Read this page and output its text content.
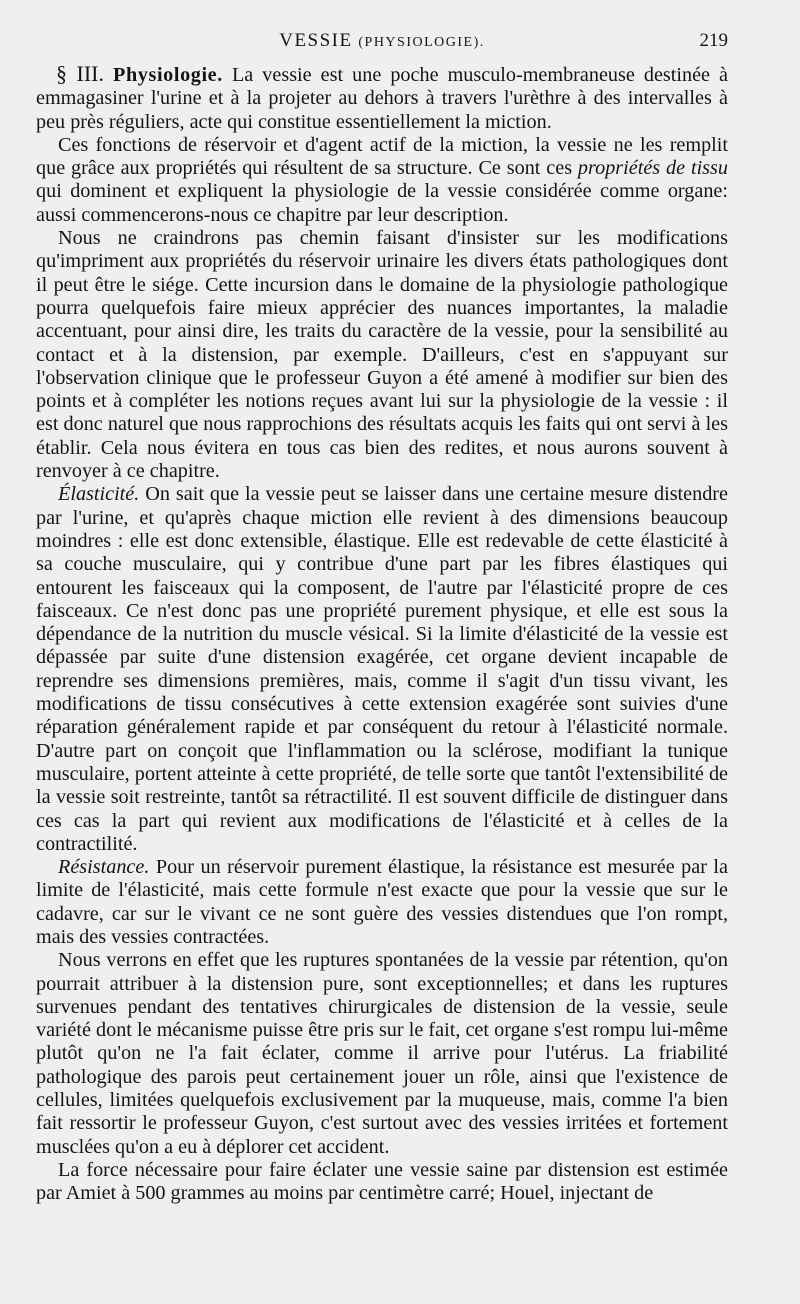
VESSIE (PHYSIOLOGIE).	219

§ III. Physiologie. La vessie est une poche musculo-membraneuse destinée à emmagasiner l'urine et à la projeter au dehors à travers l'urèthre à des intervalles à peu près réguliers, acte qui constitue essentiellement la miction.

Ces fonctions de réservoir et d'agent actif de la miction, la vessie ne les remplit que grâce aux propriétés qui résultent de sa structure. Ce sont ces propriétés de tissu qui dominent et expliquent la physiologie de la vessie considérée comme organe: aussi commencerons-nous ce chapitre par leur description.

Nous ne craindrons pas chemin faisant d'insister sur les modifications qu'impriment aux propriétés du réservoir urinaire les divers états pathologiques dont il peut être le siége. Cette incursion dans le domaine de la physiologie pathologique pourra quelquefois faire mieux apprécier des nuances importantes, la maladie accentuant, pour ainsi dire, les traits du caractère de la vessie, pour la sensibilité au contact et à la distension, par exemple. D'ailleurs, c'est en s'appuyant sur l'observation clinique que le professeur Guyon a été amené à modifier sur bien des points et à compléter les notions reçues avant lui sur la physiologie de la vessie : il est donc naturel que nous rapprochions des résultats acquis les faits qui ont servi à les établir. Cela nous évitera en tous cas bien des redites, et nous aurons souvent à renvoyer à ce chapitre.

Élasticité. On sait que la vessie peut se laisser dans une certaine mesure distendre par l'urine, et qu'après chaque miction elle revient à des dimensions beaucoup moindres : elle est donc extensible, élastique. Elle est redevable de cette élasticité à sa couche musculaire, qui y contribue d'une part par les fibres élastiques qui entourent les faisceaux qui la composent, de l'autre par l'élasticité propre de ces faisceaux. Ce n'est donc pas une propriété purement physique, et elle est sous la dépendance de la nutrition du muscle vésical. Si la limite d'élasticité de la vessie est dépassée par suite d'une distension exagérée, cet organe devient incapable de reprendre ses dimensions premières, mais, comme il s'agit d'un tissu vivant, les modifications de tissu consécutives à cette extension exagérée sont suivies d'une réparation généralement rapide et par conséquent du retour à l'élasticité normale. D'autre part on conçoit que l'inflammation ou la sclérose, modifiant la tunique musculaire, portent atteinte à cette propriété, de telle sorte que tantôt l'extensibilité de la vessie soit restreinte, tantôt sa rétractilité. Il est souvent difficile de distinguer dans ces cas la part qui revient aux modifications de l'élasticité et à celles de la contractilité.

Résistance. Pour un réservoir purement élastique, la résistance est mesurée par la limite de l'élasticité, mais cette formule n'est exacte que pour la vessie que sur le cadavre, car sur le vivant ce ne sont guère des vessies distendues que l'on rompt, mais des vessies contractées.

Nous verrons en effet que les ruptures spontanées de la vessie par rétention, qu'on pourrait attribuer à la distension pure, sont exceptionnelles; et dans les ruptures survenues pendant des tentatives chirurgicales de distension de la vessie, seule variété dont le mécanisme puisse être pris sur le fait, cet organe s'est rompu lui-même plutôt qu'on ne l'a fait éclater, comme il arrive pour l'utérus. La friabilité pathologique des parois peut certainement jouer un rôle, ainsi que l'existence de cellules, limitées quelquefois exclusivement par la muqueuse, mais, comme l'a bien fait ressortir le professeur Guyon, c'est surtout avec des vessies irritées et fortement musclées qu'on a eu à déplorer cet accident.

La force nécessaire pour faire éclater une vessie saine par distension est estimée par Amiet à 500 grammes au moins par centimètre carré; Houel, injectant de
